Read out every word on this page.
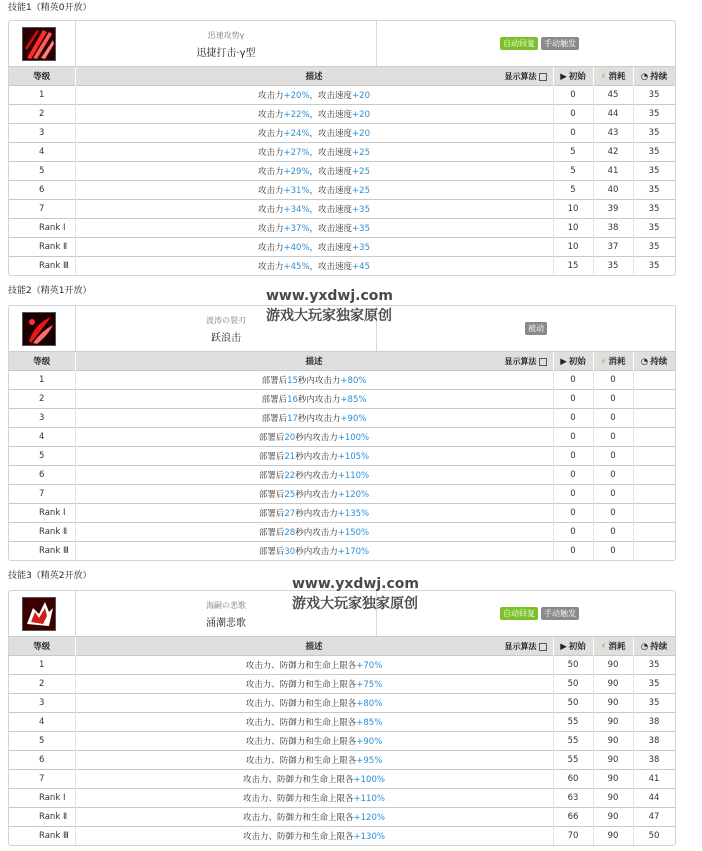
技能1（精英0开放）
迅速攻势γ
迅捷打击·γ型
自动回复	手动触发
等级	描述 显示算法	▶ 初始	⚡ 消耗	◔ 持续
1	攻击力+20%，攻击速度+20	0	45	35
2	攻击力+22%，攻击速度+20	0	44	35
3	攻击力+24%，攻击速度+20	0	43	35
4	攻击力+27%，攻击速度+25	5	42	35
5	攻击力+29%，攻击速度+25	5	41	35
6	攻击力+31%，攻击速度+25	5	40	35
7	攻击力+34%，攻击速度+35	10	39	35
Rank Ⅰ	攻击力+37%，攻击速度+35	10	38	35
Rank Ⅱ	攻击力+40%，攻击速度+35	10	37	35
Rank Ⅲ	攻击力+45%，攻击速度+45	15	35	35
技能2（精英1开放）
波涛の裂刃
跃浪击
被动
等级	描述 显示算法	▶ 初始	⚡ 消耗	◔ 持续
1	部署后15秒内攻击力+80%	0	0	
2	部署后16秒内攻击力+85%	0	0	
3	部署后17秒内攻击力+90%	0	0	
4	部署后20秒内攻击力+100%	0	0	
5	部署后21秒内攻击力+105%	0	0	
6	部署后22秒内攻击力+110%	0	0	
7	部署后25秒内攻击力+120%	0	0	
Rank Ⅰ	部署后27秒内攻击力+135%	0	0	
Rank Ⅱ	部署后28秒内攻击力+150%	0	0	
Rank Ⅲ	部署后30秒内攻击力+170%	0	0	
技能3（精英2开放）
海嗣の悲歌
涌潮悲歌
自动回复	手动触发
等级	描述 显示算法	▶ 初始	⚡ 消耗	◔ 持续
1	攻击力、防御力和生命上限各+70%	50	90	35
2	攻击力、防御力和生命上限各+75%	50	90	35
3	攻击力、防御力和生命上限各+80%	50	90	35
4	攻击力、防御力和生命上限各+85%	55	90	38
5	攻击力、防御力和生命上限各+90%	55	90	38
6	攻击力、防御力和生命上限各+95%	55	90	38
7	攻击力、防御力和生命上限各+100%	60	90	41
Rank Ⅰ	攻击力、防御力和生命上限各+110%	63	90	44
Rank Ⅱ	攻击力、防御力和生命上限各+120%	66	90	47
Rank Ⅲ	攻击力、防御力和生命上限各+130%	70	90	50
www.yxdwj.com
游戏大玩家独家原创
www.yxdwj.com
游戏大玩家独家原创
